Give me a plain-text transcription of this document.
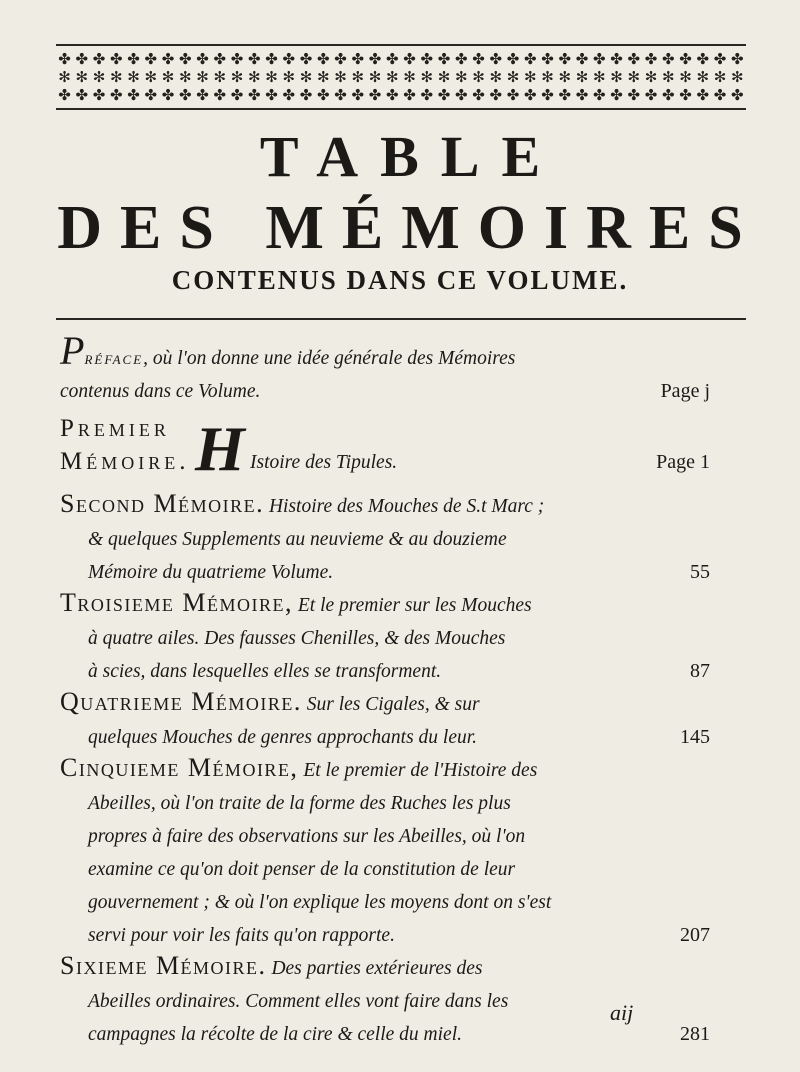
✤ ✤ ✤ ✤ ✤ ✤ ✤ ✤ ✤ ✤ ✤ ✤ ✤ ✤ ✤ ✤ ✤ ✤ ✤ ✤ ✤ ✤ ✤ ✤ ✤ ✤ ✤ ✤ ✤ ✤ ✤ ✤ ✤ ✤ ✤ ✤ ✤ ✤ ✤ ✤
✻ ✻ ✻ ✻ ✻ ✻ ✻ ✻ ✻ ✻ ✻ ✻ ✻ ✻ ✻ ✻ ✻ ✻ ✻ ✻ ✻ ✻ ✻ ✻ ✻ ✻ ✻ ✻ ✻ ✻ ✻ ✻ ✻ ✻ ✻ ✻ ✻ ✻ ✻ ✻
✤ ✤ ✤ ✤ ✤ ✤ ✤ ✤ ✤ ✤ ✤ ✤ ✤ ✤ ✤ ✤ ✤ ✤ ✤ ✤ ✤ ✤ ✤ ✤ ✤ ✤ ✤ ✤ ✤ ✤ ✤ ✤ ✤ ✤ ✤ ✤ ✤ ✤ ✤ ✤
TABLE
DES MÉMOIRES
CONTENUS DANS CE VOLUME.
Préface, où l'on donne une idée générale des Mémoires
contenus dans ce Volume.	Page j
Premier
Mémoire. H Istoire des Tipules.	Page 1
Second Mémoire. Histoire des Mouches de S.t Marc ;
& quelques Supplements au neuvieme & au douzieme
Mémoire du quatrieme Volume.	55
Troisieme Mémoire, Et le premier sur les Mouches
à quatre ailes. Des fausses Chenilles, & des Mouches
à scies, dans lesquelles elles se transforment.	87
Quatrieme Mémoire. Sur les Cigales, & sur
quelques Mouches de genres approchants du leur.	145
Cinquieme Mémoire, Et le premier de l'Histoire des
Abeilles, où l'on traite de la forme des Ruches les plus
propres à faire des observations sur les Abeilles, où l'on
examine ce qu'on doit penser de la constitution de leur
gouvernement ; & où l'on explique les moyens dont on s'est
servi pour voir les faits qu'on rapporte.	207
Sixieme Mémoire. Des parties extérieures des
Abeilles ordinaires. Comment elles vont faire dans les
campagnes la récolte de la cire & celle du miel.	281
aij
